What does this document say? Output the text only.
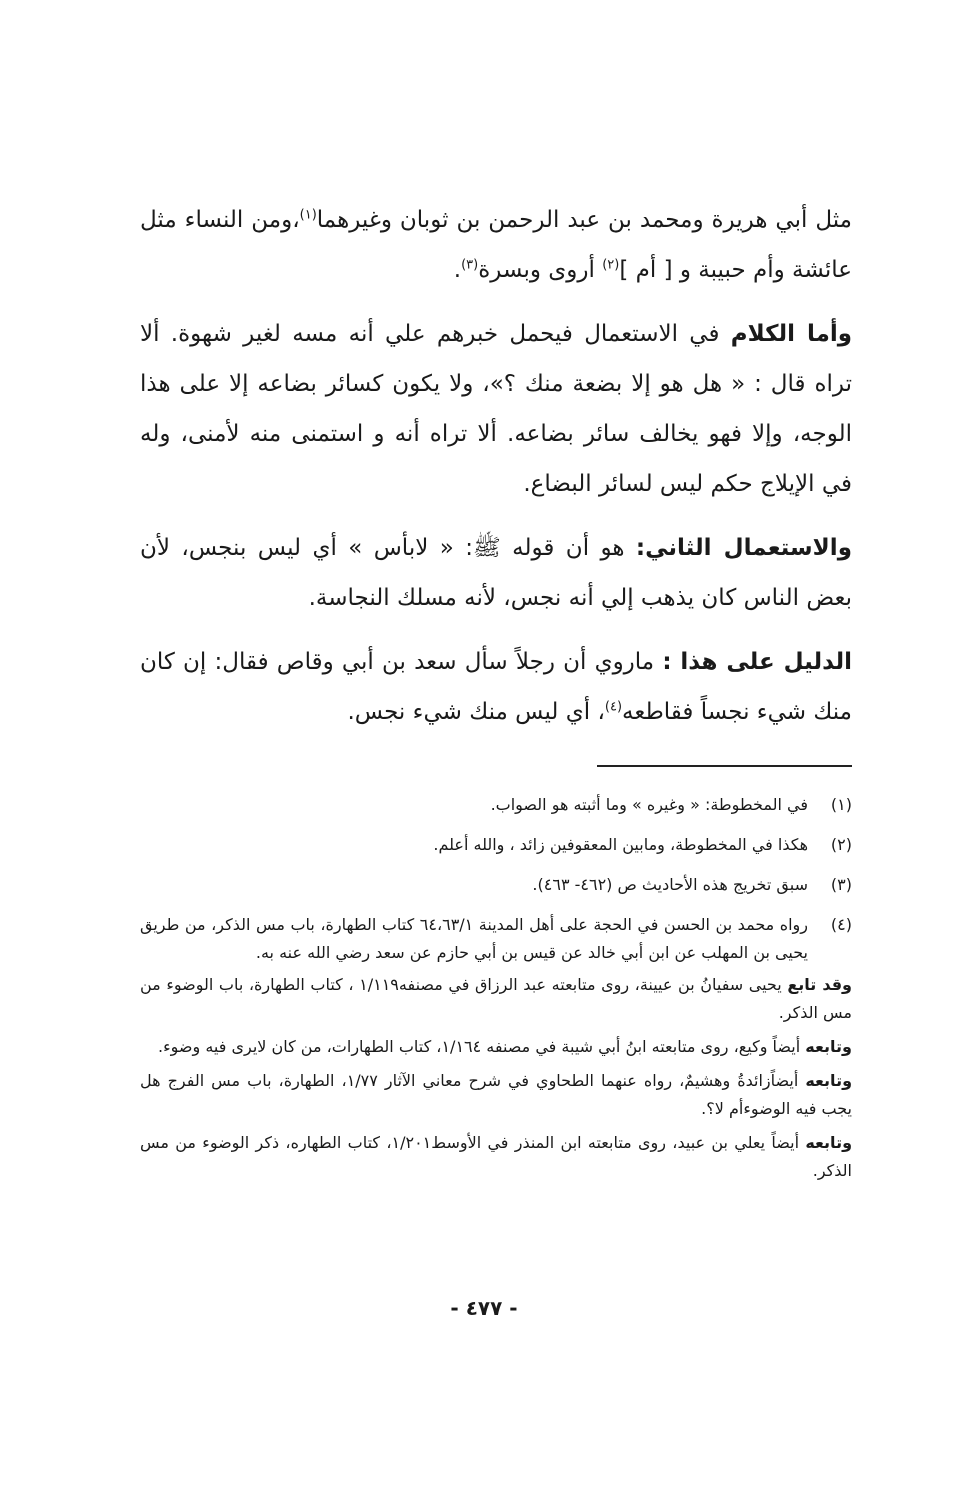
مثل أبي هريرة ومحمد بن عبد الرحمن بن ثوبان وغيرهما$^{(١)}$،ومن النساء مثل عائشة وأم حبيبة و [ أم ]$^{(٢)}$ أروى وبسرة$^{(٣)}$.

وأما الكلام في الاستعمال فيحمل خبرهم علي أنه مسه لغير شهوة. ألا تراه قال : « هل هو إلا بضعة منك ؟»، ولا يكون كسائر بضاعه إلا على هذا الوجه، وإلا فهو يخالف سائر بضاعه. ألا تراه أنه و استمنى منه لأمنى، وله في الإيلاج حكم ليس لسائر البضاع.

والاستعمال الثاني: هو أن قوله ﷺ: « لابأس » أي ليس بنجس، لأن بعض الناس كان يذهب إلي أنه نجس، لأنه مسلك النجاسة.

الدليل على هذا : ماروي أن رجلاً سأل سعد بن أبي وقاص فقال: إن كان منك شيء نجساً فقاطعه$^{(٤)}$، أي ليس منك شيء نجس.

(١)
في المخطوطة: « وغيره » وما أثبته هو الصواب.
(٢)
هكذا في المخطوطة، ومابين المعقوفين زائد ، والله أعلم.
(٣)
سبق تخريج هذه الأحاديث ص (٤٦٢- ٤٦٣).
(٤)
رواه محمد بن الحسن في الحجة على أهل المدينة ٦٤،٦٣/١ كتاب الطهارة، باب مس الذكر، من طريق يحيى بن المهلب عن ابن أبي خالد عن قيس بن أبي حازم عن سعد رضي الله عنه به.

وقد تابع يحيى سفيانُ بن عيينة، روى متابعته عبد الرزاق في مصنفه١/١١٩ ، كتاب الطهارة، باب الوضوء من مس الذكر.

وتابعه أيضاً وكيع، روى متابعته ابنُ أبي شيبة في مصنفه ١/١٦٤، كتاب الطهارات، من كان لايرى فيه وضوء.

وتابعه أيضاًزائدةُ وهشيمٌ، رواه عنهما الطحاوي في شرح معاني الآثار ١/٧٧، الطهارة، باب مس الفرج هل يجب فيه الوضوءأم لا؟.

وتابعه أيضاً يعلي بن عبيد، روى متابعته ابن المنذر في الأوسط١/٢٠١، كتاب الطهاره، ذكر الوضوء من مس الذكر.

- ٤٧٧ -
